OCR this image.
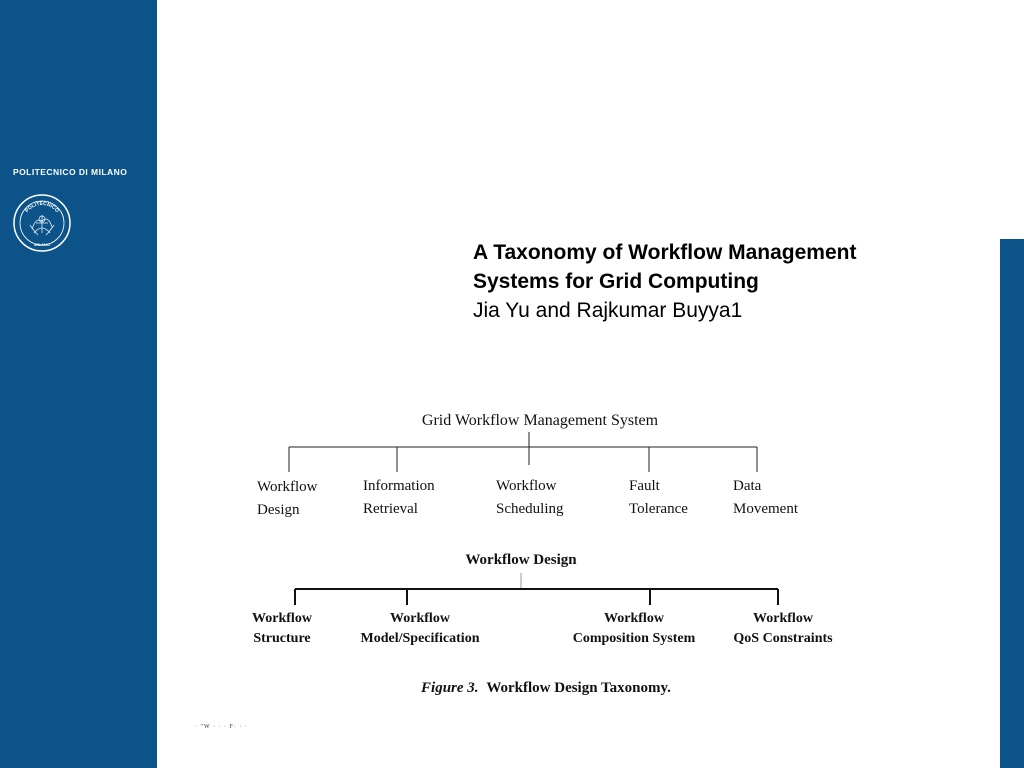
POLITECNICO DI MILANO
POLITECNICO
MILANO	A Taxonomy of Workflow Management
Systems for Grid Computing
Jia Yu and Rajkumar Buyya1
Grid Workflow Management System
Workflow
Design
Information
Retrieval
Workflow
Scheduling
Fault
Tolerance
Data
Movement
Workflow Design
Workflow
Structure
Workflow
Model/Specification
Workflow
Composition System
Workflow
QoS Constraints
Figure 3. Workflow Design Taxonomy.
· "W · · · F· · ·
